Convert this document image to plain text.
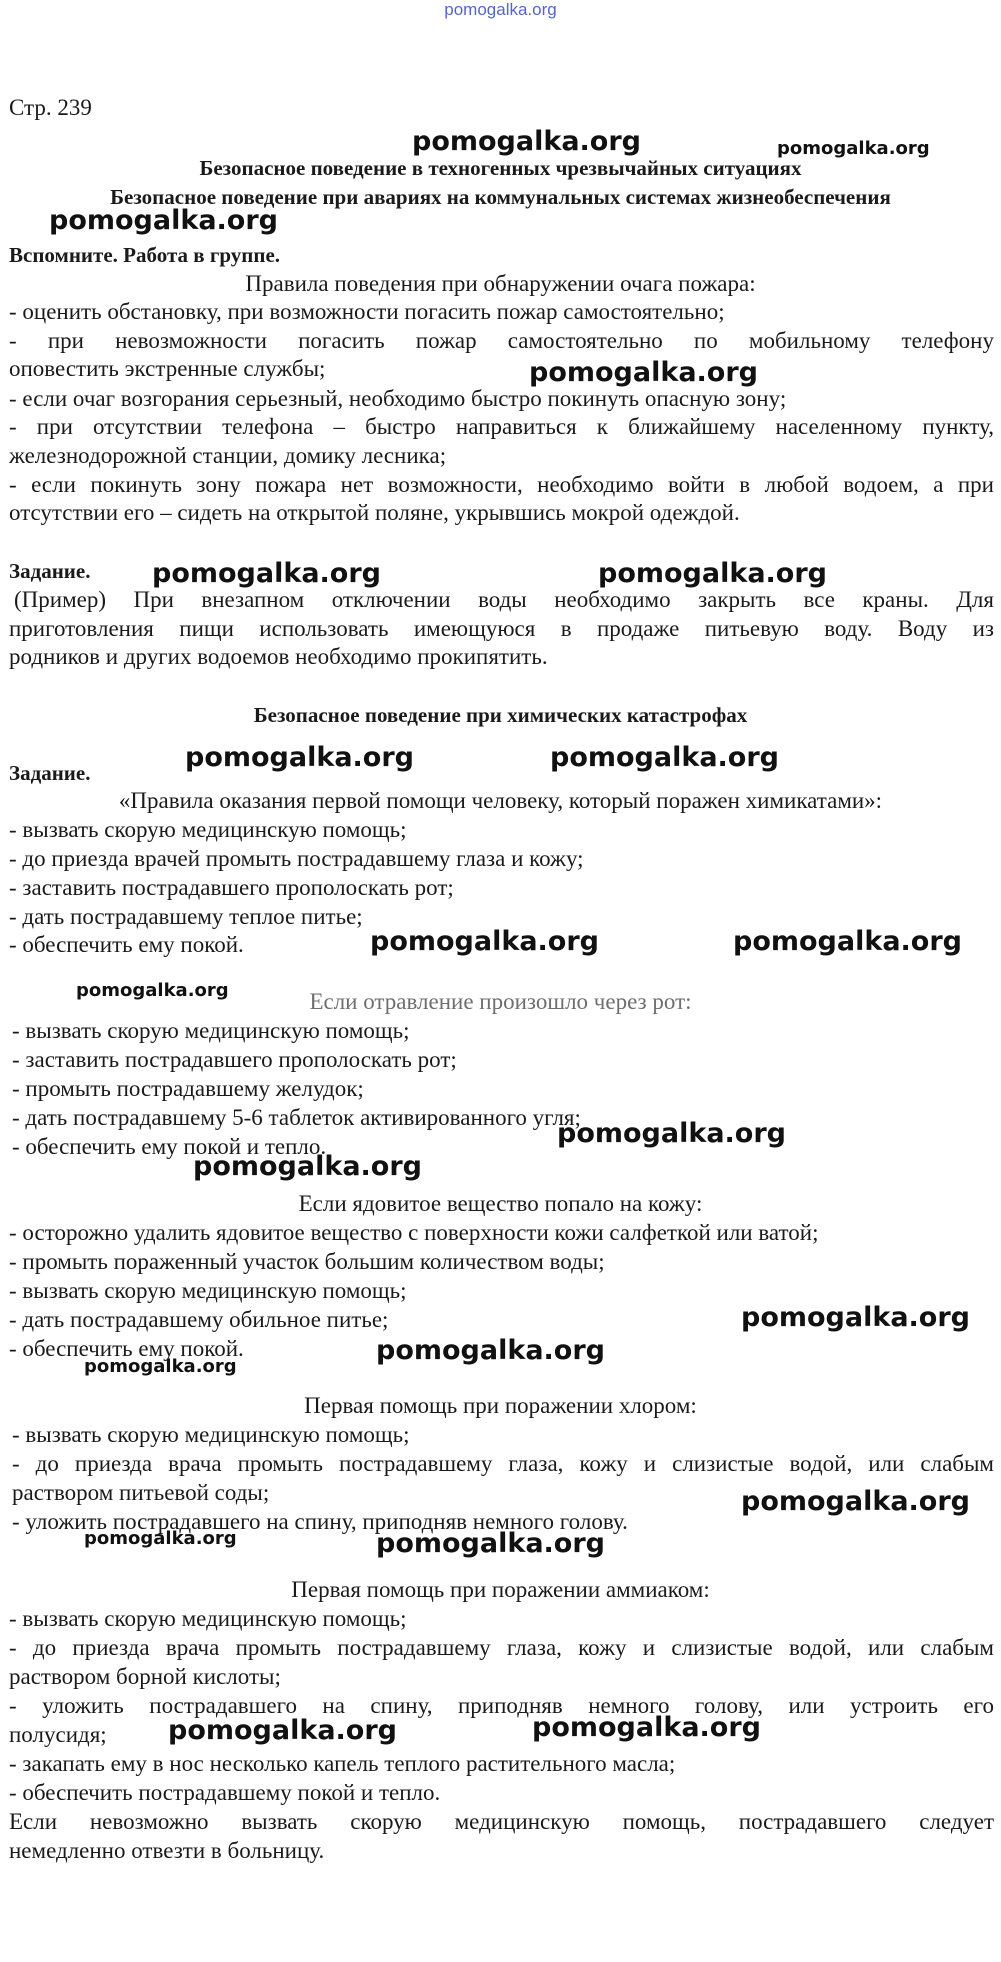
pomogalka.org
Стр. 239
Безопасное поведение в техногенных чрезвычайных ситуациях
Безопасное поведение при авариях на коммунальных системах жизнеобеспечения
Вспомните. Работа в группе.
Правила поведения при обнаружении очага пожара:
- оценить обстановку, при возможности погасить пожар самостоятельно;
- при невозможности погасить пожар самостоятельно по мобильному телефону
оповестить экстренные службы;
- если очаг возгорания серьезный, необходимо быстро покинуть опасную зону;
- при отсутствии телефона – быстро направиться к ближайшему населенному пункту,
железнодорожной станции, домику лесника;
- если покинуть зону пожара нет возможности, необходимо войти в любой водоем, а при
отсутствии его – сидеть на открытой поляне, укрывшись мокрой одеждой.
Задание.
(Пример) При внезапном отключении воды необходимо закрыть все краны. Для
приготовления пищи использовать имеющуюся в продаже питьевую воду. Воду из
родников и других водоемов необходимо прокипятить.
Безопасное поведение при химических катастрофах
Задание.
«Правила оказания первой помощи человеку, который поражен химикатами»:
- вызвать скорую медицинскую помощь;
- до приезда врачей промыть пострадавшему глаза и кожу;
- заставить пострадавшего прополоскать рот;
- дать пострадавшему теплое питье;
- обеспечить ему покой.
Если отравление произошло через рот:
- вызвать скорую медицинскую помощь;
- заставить пострадавшего прополоскать рот;
- промыть пострадавшему желудок;
- дать пострадавшему 5-6 таблеток активированного угля;
- обеспечить ему покой и тепло.
Если ядовитое вещество попало на кожу:
- осторожно удалить ядовитое вещество с поверхности кожи салфеткой или ватой;
- промыть пораженный участок большим количеством воды;
- вызвать скорую медицинскую помощь;
- дать пострадавшему обильное питье;
- обеспечить ему покой.
Первая помощь при поражении хлором:
- вызвать скорую медицинскую помощь;
- до приезда врача промыть пострадавшему глаза, кожу и слизистые водой, или слабым
раствором питьевой соды;
- уложить пострадавшего на спину, приподняв немного голову.
Первая помощь при поражении аммиаком:
- вызвать скорую медицинскую помощь;
- до приезда врача промыть пострадавшему глаза, кожу и слизистые водой, или слабым
раствором борной кислоты;
- уложить пострадавшего на спину, приподняв немного голову, или устроить его
полусидя;
- закапать ему в нос несколько капель теплого растительного масла;
- обеспечить пострадавшему покой и тепло.
Если невозможно вызвать скорую медицинскую помощь, пострадавшего следует
немедленно отвезти в больницу.
pomogalka.org	pomogalka.org
pomogalka.org
pomogalka.org
pomogalka.org	pomogalka.org
pomogalka.org	pomogalka.org
pomogalka.org	pomogalka.org
pomogalka.org
pomogalka.org
pomogalka.org
pomogalka.org
pomogalka.org
pomogalka.org
pomogalka.org
pomogalka.org	pomogalka.org
pomogalka.org	pomogalka.org
